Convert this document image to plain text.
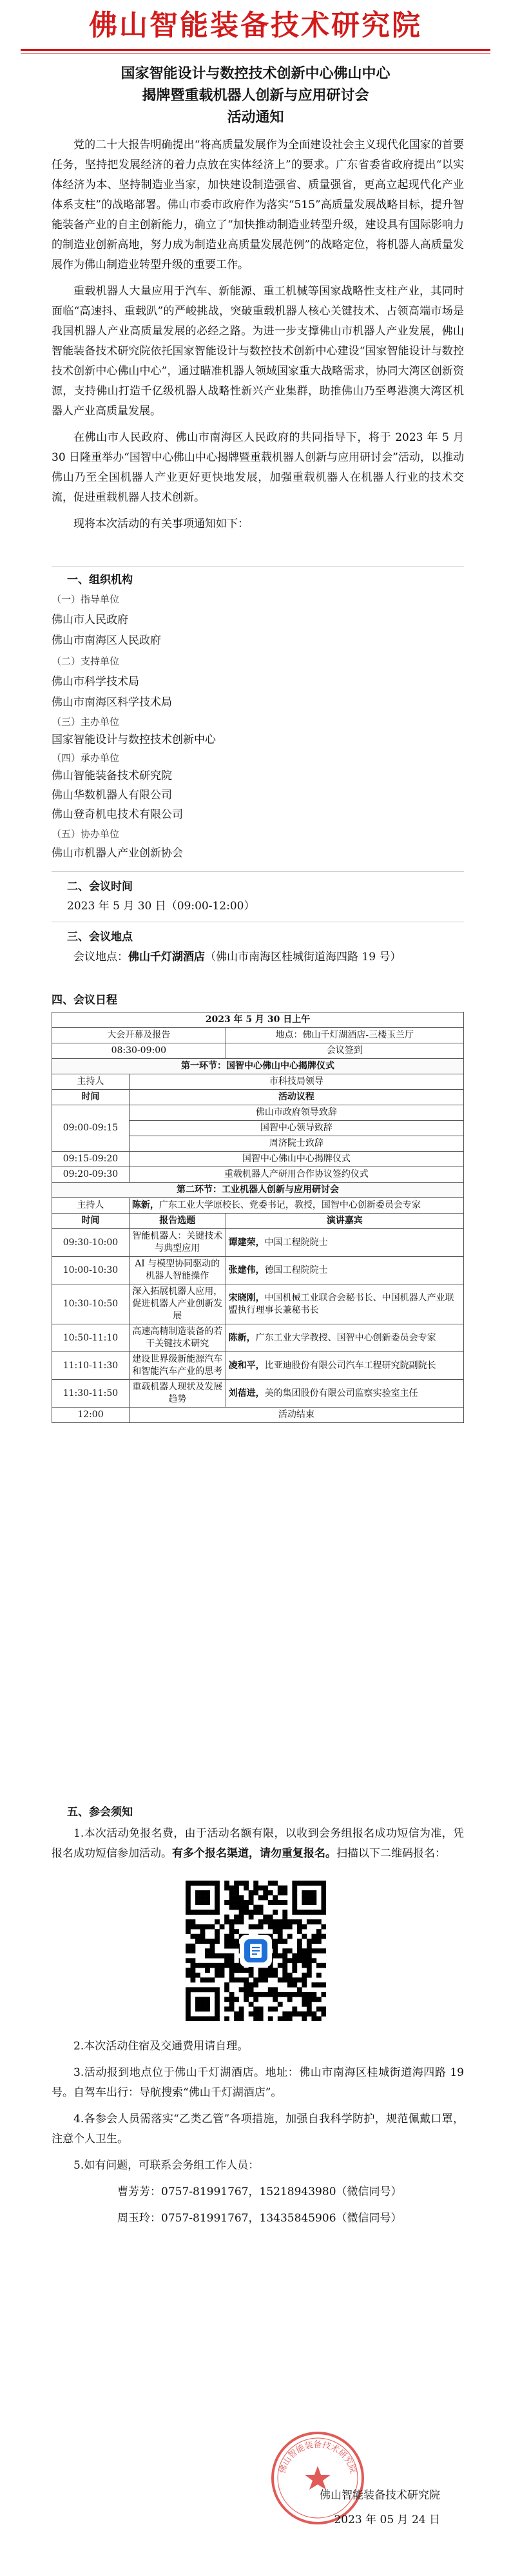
佛山智能装备技术研究院
国家智能设计与数控技术创新中心佛山中心
揭牌暨重载机器人创新与应用研讨会
活动通知

党的二十大报告明确提出“将高质量发展作为全面建设社会主义现代化国家的首要任务，坚持把发展经济的着力点放在实体经济上”的要求。广东省委省政府提出“以实体经济为本、坚持制造业当家，加快建设制造强省、质量强省，更高立起现代化产业体系支柱”的战略部署。佛山市委市政府作为落实“515”高质量发展战略目标，提升智能装备产业的自主创新能力，确立了“加快推动制造业转型升级，建设具有国际影响力的制造业创新高地，努力成为制造业高质量发展范例”的战略定位，将机器人高质量发展作为佛山制造业转型升级的重要工作。

重载机器人大量应用于汽车、新能源、重工机械等国家战略性支柱产业，其同时面临“高速抖、重载趴”的严峻挑战，突破重载机器人核心关键技术、占领高端市场是我国机器人产业高质量发展的必经之路。为进一步支撑佛山市机器人产业发展，佛山智能装备技术研究院依托国家智能设计与数控技术创新中心建设“国家智能设计与数控技术创新中心佛山中心”，通过瞄准机器人领域国家重大战略需求，协同大湾区创新资源，支持佛山打造千亿级机器人战略性新兴产业集群，助推佛山乃至粤港澳大湾区机器人产业高质量发展。

在佛山市人民政府、佛山市南海区人民政府的共同指导下，将于 2023 年 5 月 30 日隆重举办“国智中心佛山中心揭牌暨重载机器人创新与应用研讨会”活动，以推动佛山乃至全国机器人产业更好更快地发展，加强重载机器人在机器人行业的技术交流，促进重载机器人技术创新。

现将本次活动的有关事项通知如下：

一、组织机构
（一）指导单位
佛山市人民政府
佛山市南海区人民政府
（二）支持单位
佛山市科学技术局
佛山市南海区科学技术局
（三）主办单位
国家智能设计与数控技术创新中心
（四）承办单位
佛山智能装备技术研究院
佛山华数机器人有限公司
佛山登奇机电技术有限公司
（五）协办单位
佛山市机器人产业创新协会
二、会议时间
2023 年 5 月 30 日（09:00-12:00）
三、会议地点
会议地点：佛山千灯湖酒店（佛山市南海区桂城街道海四路 19 号）
四、会议日程
2023 年 5 月 30 日上午		
大会开幕及报告		地点：佛山千灯湖酒店-三楼玉兰厅
08:30-09:00		会议签到
第一环节：国智中心佛山中心揭牌仪式		
主持人	市科技局领导	
时间	活动议程	
09:00-09:15	佛山市政府领导致辞	
	国智中心领导致辞	
	周济院士致辞	
09:15-09:20	国智中心佛山中心揭牌仪式	
09:20-09:30	重载机器人产研用合作协议签约仪式	
第二环节：工业机器人创新与应用研讨会		
主持人	陈新，广东工业大学原校长、党委书记，教授，国智中心创新委员会专家	
时间	报告选题	演讲嘉宾
09:30-10:00	智能机器人：关键技术与典型应用	谭建荣，中国工程院院士
10:00-10:30	AI 与模型协同驱动的机器人智能操作	张建伟，德国工程院院士
10:30-10:50	深入拓展机器人应用，促进机器人产业创新发展	宋晓刚，中国机械工业联合会秘书长、中国机器人产业联盟执行理事长兼秘书长
10:50-11:10	高速高精制造装备的若干关键技术研究	陈新，广东工业大学教授、国智中心创新委员会专家
11:10-11:30	建设世界级新能源汽车和智能汽车产业的思考	凌和平，比亚迪股份有限公司汽车工程研究院副院长
11:30-11:50	重载机器人现状及发展趋势	刘蓓进，美的集团股份有限公司监察实验室主任
12:00	活动结束	
五、参会须知

1.本次活动免报名费，由于活动名额有限，以收到会务组报名成功短信为准，凭报名成功短信参加活动。有多个报名渠道，请勿重复报名。扫描以下二维码报名：

2.本次活动住宿及交通费用请自理。

3.活动报到地点位于佛山千灯湖酒店。地址：佛山市南海区桂城街道海四路 19 号。自驾车出行：导航搜索“佛山千灯湖酒店”。

4.各参会人员需落实“乙类乙管”各项措施，加强自我科学防护，规范佩戴口罩，注意个人卫生。

5.如有问题，可联系会务组工作人员：

曹芳芳：0757-81991767，15218943980（微信同号）

周玉玲：0757-81991767，13435845906（微信同号）

佛山智能装备技术研究院
佛山智能装备技术研究院
2023 年 05 月 24 日
